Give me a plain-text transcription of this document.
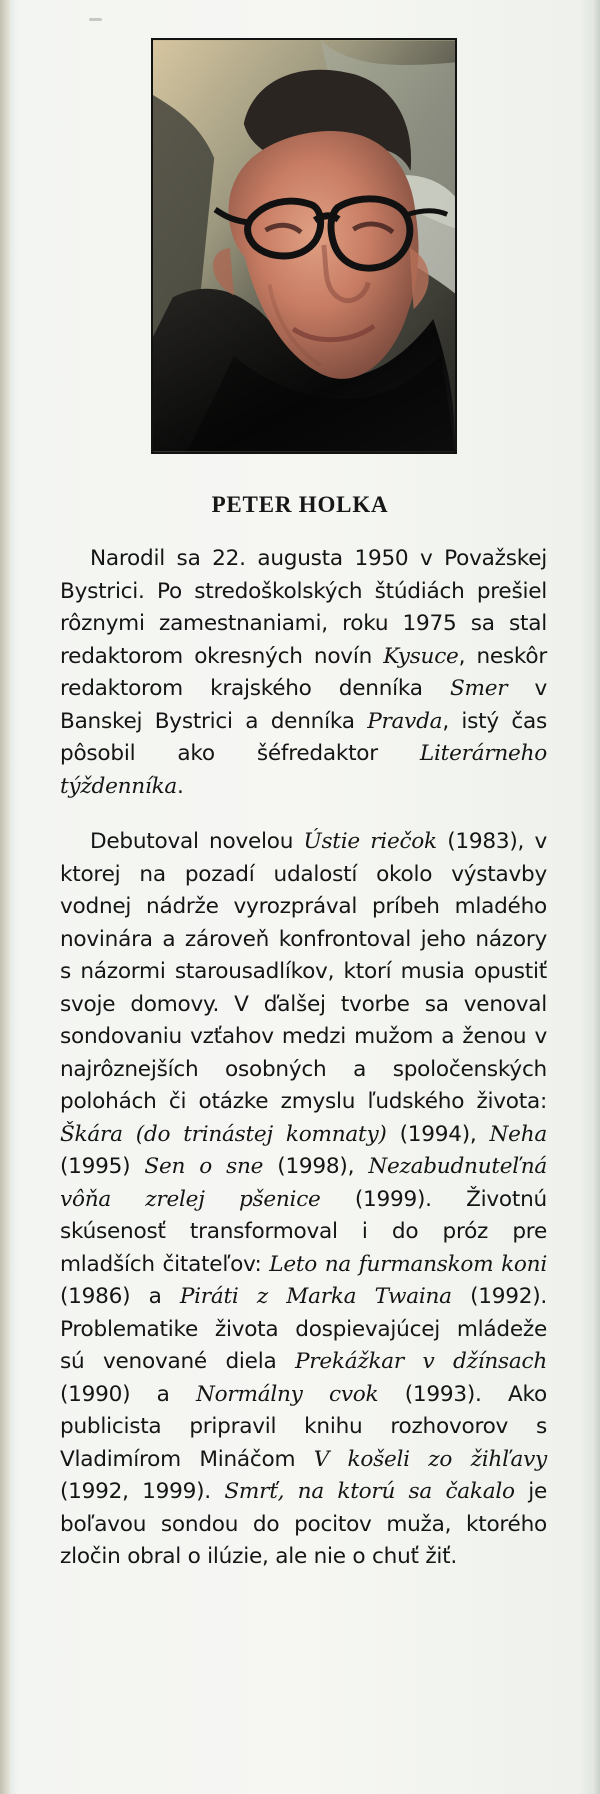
PETER HOLKA

Narodil sa 22. augusta 1950 v Považskej Bystrici. Po stredoškolských štúdiách prešiel rôznymi zamestnaniami, roku 1975 sa stal redaktorom okresných novín Kysuce, neskôr redaktorom krajského denníka Smer v Banskej Bystrici a denníka Pravda, istý čas pôsobil ako šéfredaktor Literárneho týždenníka.

Debutoval novelou Ústie riečok (1983), v ktorej na pozadí udalostí okolo výstavby vodnej nádrže vyrozprával príbeh mladého novinára a zároveň konfrontoval jeho názory s názormi starousadlíkov, ktorí musia opustiť svoje domovy. V ďalšej tvorbe sa venoval sondovaniu vzťahov medzi mužom a ženou v najrôznejších osobných a spoločenských polohách či otázke zmyslu ľudského života: Škára (do trinástej komnaty) (1994), Neha (1995) Sen o sne (1998), Nezabudnuteľná vôňa zrelej pšenice (1999). Životnú skúsenosť transformoval i do próz pre mladších čitateľov: Leto na furmanskom koni (1986) a Piráti z Marka Twaina (1992). Problematike života dospievajúcej mládeže sú venované diela Prekážkar v džínsach (1990) a Normálny cvok (1993). Ako publicista pripravil knihu rozhovorov s Vladimírom Mináčom V košeli zo žihľavy (1992, 1999). Smrť, na ktorú sa čakalo je boľavou sondou do pocitov muža, ktorého zločin obral o ilúzie, ale nie o chuť žiť.
